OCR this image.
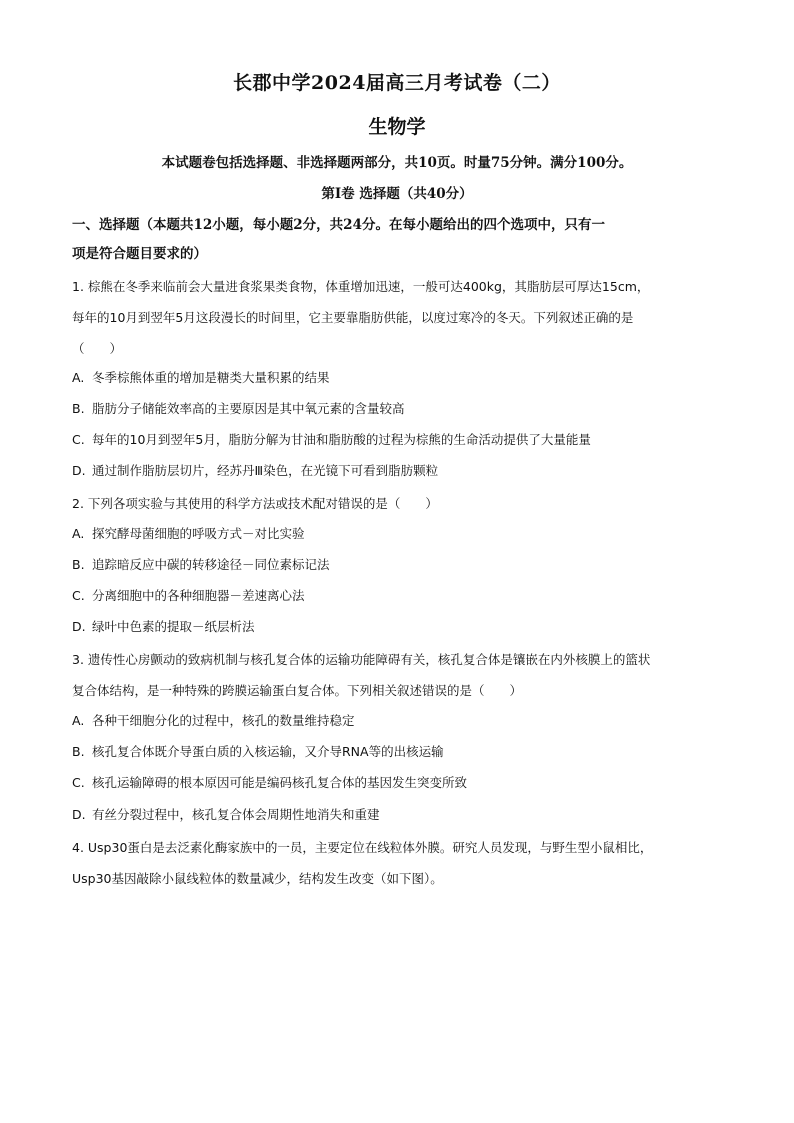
长郡中学2024届高三月考试卷（二）
生物学
本试题卷包括选择题、非选择题两部分，共10页。时量75分钟。满分100分。
第Ⅰ卷 选择题（共40分）
一、选择题（本题共12小题，每小题2分，共24分。在每小题给出的四个选项中，只有一
项是符合题目要求的）
1. 棕熊在冬季来临前会大量进食浆果类食物，体重增加迅速，一般可达400kg，其脂肪层可厚达15cm，
每年的10月到翌年5月这段漫长的时间里，它主要靠脂肪供能，以度过寒冷的冬天。下列叙述正确的是
（　　）
A. 冬季棕熊体重的增加是糖类大量积累的结果
B. 脂肪分子储能效率高的主要原因是其中氧元素的含量较高
C. 每年的10月到翌年5月，脂肪分解为甘油和脂肪酸的过程为棕熊的生命活动提供了大量能量
D. 通过制作脂肪层切片，经苏丹Ⅲ染色，在光镜下可看到脂肪颗粒
2. 下列各项实验与其使用的科学方法或技术配对错误的是（　　）
A. 探究酵母菌细胞的呼吸方式－对比实验
B. 追踪暗反应中碳的转移途径－同位素标记法
C. 分离细胞中的各种细胞器－差速离心法
D. 绿叶中色素的提取－纸层析法
3. 遗传性心房颤动的致病机制与核孔复合体的运输功能障碍有关，核孔复合体是镶嵌在内外核膜上的篮状
复合体结构，是一种特殊的跨膜运输蛋白复合体。下列相关叙述错误的是（　　）
A. 各种干细胞分化的过程中，核孔的数量维持稳定
B. 核孔复合体既介导蛋白质的入核运输，又介导RNA等的出核运输
C. 核孔运输障碍的根本原因可能是编码核孔复合体的基因发生突变所致
D. 有丝分裂过程中，核孔复合体会周期性地消失和重建
4. Usp30蛋白是去泛素化酶家族中的一员，主要定位在线粒体外膜。研究人员发现，与野生型小鼠相比，
Usp30基因敲除小鼠线粒体的数量减少，结构发生改变（如下图）。
